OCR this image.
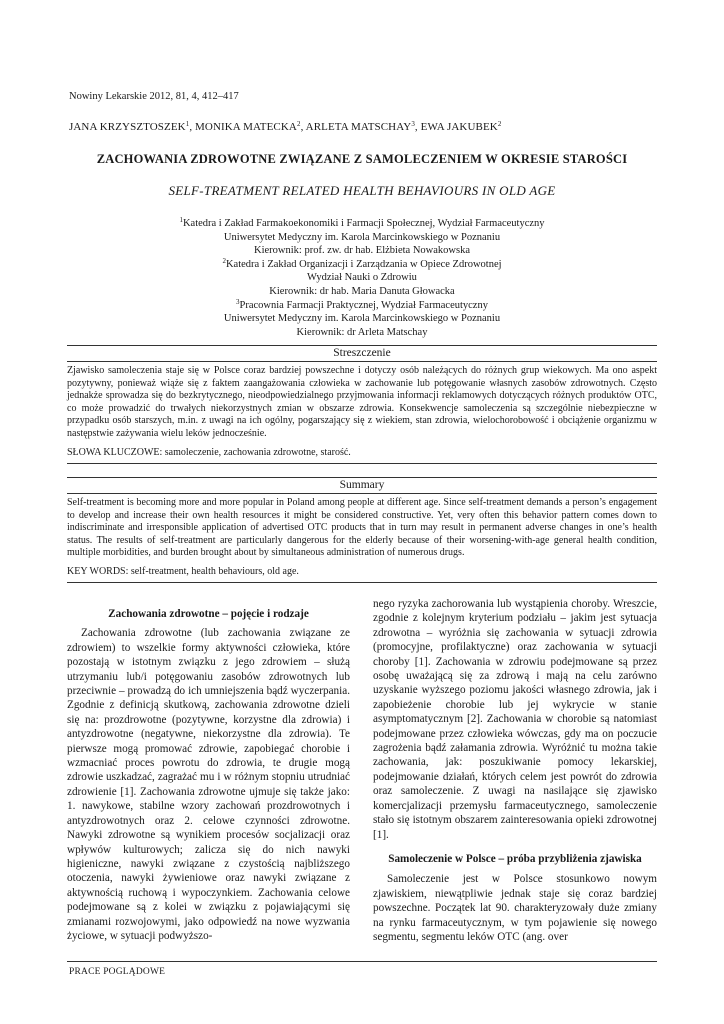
Nowiny Lekarskie 2012, 81, 4, 412–417
JANA KRZYSZTOSZEK$^1$, MONIKA MATECKA$^2$, ARLETA MATSCHAY$^3$, EWA JAKUBEK$^2$
ZACHOWANIA ZDROWOTNE ZWIĄZANE Z SAMOLECZENIEM W OKRESIE STAROŚCI
SELF-TREATMENT RELATED HEALTH BEHAVIOURS IN OLD AGE
$^1$Katedra i Zakład Farmakoekonomiki i Farmacji Społecznej, Wydział Farmaceutyczny
Uniwersytet Medyczny im. Karola Marcinkowskiego w Poznaniu
Kierownik: prof. zw. dr hab. Elżbieta Nowakowska
$^2$Katedra i Zakład Organizacji i Zarządzania w Opiece Zdrowotnej
Wydział Nauki o Zdrowiu
Kierownik: dr hab. Maria Danuta Głowacka
$^3$Pracownia Farmacji Praktycznej, Wydział Farmaceutyczny
Uniwersytet Medyczny im. Karola Marcinkowskiego w Poznaniu
Kierownik: dr Arleta Matschay
Streszczenie
Zjawisko samoleczenia staje się w Polsce coraz bardziej powszechne i dotyczy osób należących do różnych grup wiekowych. Ma ono aspekt pozytywny, ponieważ wiąże się z faktem zaangażowania człowieka w zachowanie lub potęgowanie własnych zasobów zdrowotnych. Często jednakże sprowadza się do bezkrytycznego, nieodpowiedzialnego przyjmowania informacji reklamowych dotyczących różnych produktów OTC, co może prowadzić do trwałych niekorzystnych zmian w obszarze zdrowia. Konsekwencje samoleczenia są szczególnie niebezpieczne w przypadku osób starszych, m.in. z uwagi na ich ogólny, pogarszający się z wiekiem, stan zdrowia, wielochorobowość i obciążenie organizmu w następstwie zażywania wielu leków jednocześnie.
SŁOWA KLUCZOWE: samoleczenie, zachowania zdrowotne, starość.
Summary
Self-treatment is becoming more and more popular in Poland among people at different age. Since self-treatment demands a person’s engagement to develop and increase their own health resources it might be considered constructive. Yet, very often this behavior pattern comes down to indiscriminate and irresponsible application of advertised OTC products that in turn may result in permanent adverse changes in one’s health status. The results of self-treatment are particularly dangerous for the elderly because of their worsening-with-age general health condition, multiple morbidities, and burden brought about by simultaneous administration of numerous drugs.
KEY WORDS: self-treatment, health behaviours, old age.
Zachowania zdrowotne – pojęcie i rodzaje

Zachowania zdrowotne (lub zachowania związane ze zdrowiem) to wszelkie formy aktywności człowieka, które pozostają w istotnym związku z jego zdrowiem – służą utrzymaniu lub/i potęgowaniu zasobów zdrowotnych lub przeciwnie – prowadzą do ich umniejszenia bądź wyczerpania. Zgodnie z definicją skutkową, zachowania zdrowotne dzieli się na: prozdrowotne (pozytywne, korzystne dla zdrowia) i antyzdrowotne (negatywne, niekorzystne dla zdrowia). Te pierwsze mogą promować zdrowie, zapobiegać chorobie i wzmacniać proces powrotu do zdrowia, te drugie mogą zdrowie uszkadzać, zagrażać mu i w różnym stopniu utrudniać zdrowienie [1]. Zachowania zdrowotne ujmuje się także jako: 1. nawykowe, stabilne wzory zachowań prozdrowotnych i antyzdrowotnych oraz 2. celowe czynności zdrowotne. Nawyki zdrowotne są wynikiem procesów socjalizacji oraz wpływów kulturowych; zalicza się do nich nawyki higieniczne, nawyki związane z czystością najbliższego otoczenia, nawyki żywieniowe oraz nawyki związane z aktywnością ruchową i wypoczynkiem. Zachowania celowe podejmowane są z kolei w związku z pojawiającymi się zmianami rozwojowymi, jako odpowiedź na nowe wyzwania życiowe, w sytuacji podwyższo-

nego ryzyka zachorowania lub wystąpienia choroby. Wreszcie, zgodnie z kolejnym kryterium podziału – jakim jest sytuacja zdrowotna – wyróżnia się zachowania w sytuacji zdrowia (promocyjne, profilaktyczne) oraz zachowania w sytuacji choroby [1]. Zachowania w zdrowiu podejmowane są przez osobę uważającą się za zdrową i mają na celu zarówno uzyskanie wyższego poziomu jakości własnego zdrowia, jak i zapobieżenie chorobie lub jej wykrycie w stanie asymptomatycznym [2]. Zachowania w chorobie są natomiast podejmowane przez człowieka wówczas, gdy ma on poczucie zagrożenia bądź załamania zdrowia. Wyróżnić tu można takie zachowania, jak: poszukiwanie pomocy lekarskiej, podejmowanie działań, których celem jest powrót do zdrowia oraz samoleczenie. Z uwagi na nasilające się zjawisko komercjalizacji przemysłu farmaceutycznego, samoleczenie stało się istotnym obszarem zainteresowania opieki zdrowotnej [1].

Samoleczenie w Polsce – próba przybliżenia zjawiska

Samoleczenie jest w Polsce stosunkowo nowym zjawiskiem, niewątpliwie jednak staje się coraz bardziej powszechne. Początek lat 90. charakteryzowały duże zmiany na rynku farmaceutycznym, w tym pojawienie się nowego segmentu, segmentu leków OTC (ang. over

PRACE POGLĄDOWE
